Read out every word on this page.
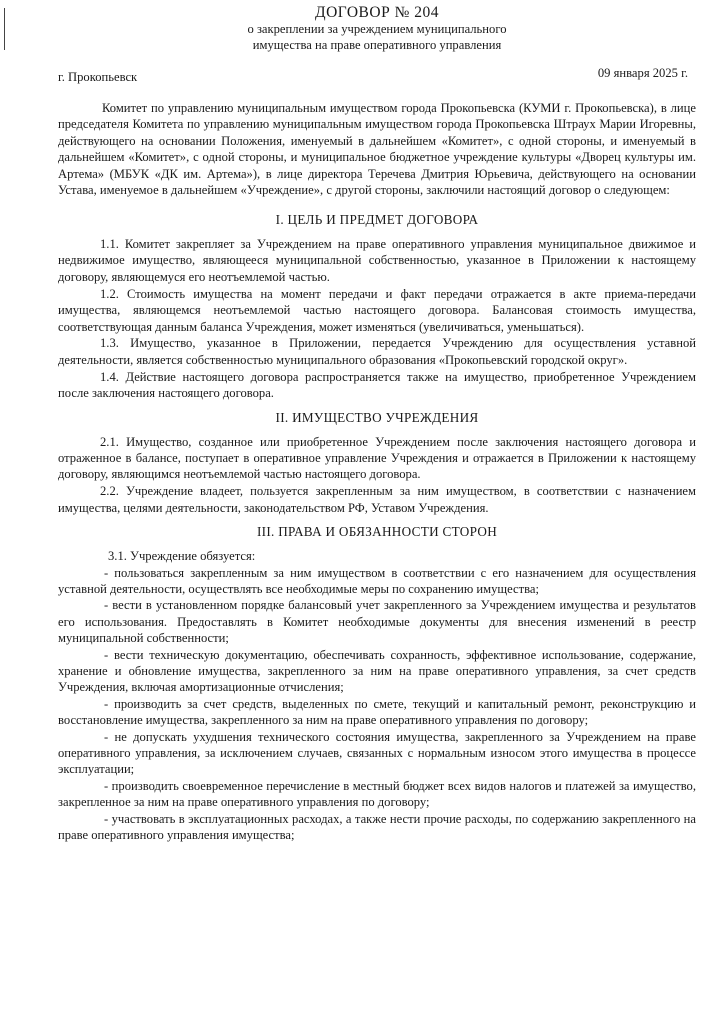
ДОГОВОР № 204
о закреплении за учреждением муниципального
имущества на праве оперативного управления
г. Прокопьевск	09 января 2025 г.

Комитет по управлению муниципальным имуществом города Прокопьевска (КУМИ г. Прокопьевска), в лице председателя Комитета по управлению муниципальным имуществом города Прокопьевска Штраух Марии Игоревны, действующего на основании Положения, именуемый в дальнейшем «Комитет», с одной стороны, и именуемый в дальнейшем «Комитет», с одной стороны, и муниципальное бюджетное учреждение культуры «Дворец культуры им. Артема» (МБУК «ДК им. Артема»), в лице директора Теречева Дмитрия Юрьевича, действующего на основании Устава, именуемое в дальнейшем «Учреждение», с другой стороны, заключили настоящий договор о следующем:

I. ЦЕЛЬ И ПРЕДМЕТ ДОГОВОРА

1.1. Комитет закрепляет за Учреждением на праве оперативного управления муниципальное движимое и недвижимое имущество, являющееся муниципальной собственностью, указанное в Приложении к настоящему договору, являющемуся его неотъемлемой частью.

1.2. Стоимость имущества на момент передачи и факт передачи отражается в акте приема-передачи имущества, являющемся неотъемлемой частью настоящего договора. Балансовая стоимость имущества, соответствующая данным баланса Учреждения, может изменяться (увеличиваться, уменьшаться).

1.3. Имущество, указанное в Приложении, передается Учреждению для осуществления уставной деятельности, является собственностью муниципального образования «Прокопьевский городской округ».

1.4. Действие настоящего договора распространяется также на имущество, приобретенное Учреждением после заключения настоящего договора.

II. ИМУЩЕСТВО УЧРЕЖДЕНИЯ

2.1. Имущество, созданное или приобретенное Учреждением после заключения настоящего договора и отраженное в балансе, поступает в оперативное управление Учреждения и отражается в Приложении к настоящему договору, являющимся неотъемлемой частью настоящего договора.

2.2. Учреждение владеет, пользуется закрепленным за ним имуществом, в соответствии с назначением имущества, целями деятельности, законодательством РФ, Уставом Учреждения.

III. ПРАВА И ОБЯЗАННОСТИ СТОРОН
3.1. Учреждение обязуется:

- пользоваться закрепленным за ним имуществом в соответствии с его назначением для осуществления уставной деятельности, осуществлять все необходимые меры по сохранению имущества;

- вести в установленном порядке балансовый учет закрепленного за Учреждением имущества и результатов его использования. Предоставлять в Комитет необходимые документы для внесения изменений в реестр муниципальной собственности;

- вести техническую документацию, обеспечивать сохранность, эффективное использование, содержание, хранение и обновление имущества, закрепленного за ним на праве оперативного управления, за счет средств Учреждения, включая амортизационные отчисления;

- производить за счет средств, выделенных по смете, текущий и капитальный ремонт, реконструкцию и восстановление имущества, закрепленного за ним на праве оперативного управления по договору;

- не допускать ухудшения технического состояния имущества, закрепленного за Учреждением на праве оперативного управления, за исключением случаев, связанных с нормальным износом этого имущества в процессе эксплуатации;

- производить своевременное перечисление в местный бюджет всех видов налогов и платежей за имущество, закрепленное за ним на праве оперативного управления по договору;

- участвовать в эксплуатационных расходах, а также нести прочие расходы, по содержанию закрепленного на праве оперативного управления имущества;
